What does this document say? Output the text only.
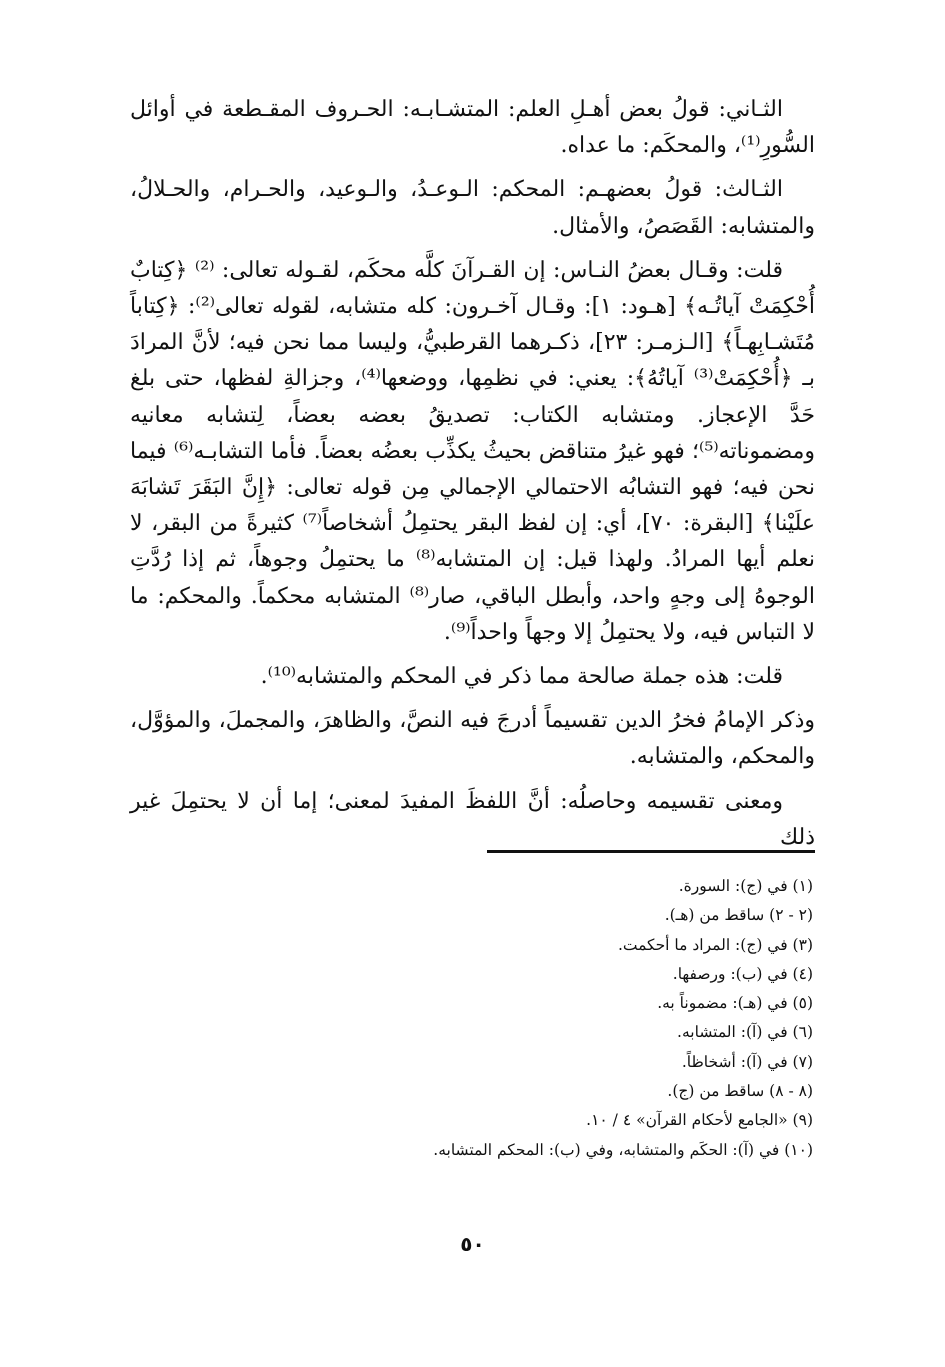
الثـاني: قولُ بعض أهـلِ العلم: المتشـابـه: الحـروف المقـطعة في أوائل السُّورِ⁽¹⁾، والمحكَم: ما عداه.

الثـالث: قولُ بعضهـم: المحكم: الـوعـدُ، والـوعيد، والحـرام، والحـلالُ، والمتشابه: القَصَصُ، والأمثال.

قلت: وقـال بعضُ النـاس: إن القـرآنَ كلَّه محكَم، لقـوله تعالى: ⁽²⁾ ﴿كِتابٌ أُحْكِمَتْ آياتُـه﴾ [هـود: ١]: وقـال آخـرون: كله متشابه، لقوله تعالى⁽²⁾: ﴿كِتاباً مُتَشـابِهـاً﴾ [الـزمـر: ٢٣]، ذكـرهما القرطبيُّ، وليسا مما نحن فيه؛ لأنَّ المرادَ بـ ﴿أُحْكِمَتْ⁽³⁾ آياتُهُ﴾: يعني: في نظمِها، ووضعها⁽⁴⁾، وجزالةِ لفظها، حتى بلغ حَدَّ الإعجاز. ومتشابه الكتاب: تصديقُ بعضه بعضاً، لِتشابه معانيه ومضموناته⁽⁵⁾؛ فهو غيرُ متناقض بحيثُ يكذِّب بعضُه بعضاً. فأما التشابـه⁽⁶⁾ فيما نحن فيه؛ فهو التشابُه الاحتمالي الإجمالي مِن قوله تعالى: ﴿إِنَّ البَقَرَ تَشابَهَ علَيْنا﴾ [البقرة: ٧٠]، أي: إن لفظ البقر يحتمِلُ أشخاصاً⁽⁷⁾ كثيرةً من البقر، لا نعلم أيها المرادُ. ولهذا قيل: إن المتشابه⁽⁸⁾ ما يحتمِلُ وجوهاً، ثم إذا رُدَّتِ الوجوهُ إلى وجهٍ واحد، وأبطل الباقي، صار⁽⁸⁾ المتشابه محكماً. والمحكم: ما لا التباس فيه، ولا يحتمِلُ إلا وجهاً واحداً⁽⁹⁾.

قلت: هذه جملة صالحة مما ذكر في المحكم والمتشابه⁽¹⁰⁾.

وذكر الإمامُ فخرُ الدين تقسيماً أدرجَ فيه النصَّ، والظاهرَ، والمجملَ، والمؤوَّل، والمحكم، والمتشابه.

ومعنى تقسيمه وحاصلُه: أنَّ اللفظَ المفيدَ لمعنى؛ إما أن لا يحتمِلَ غير ذلك

(١) في (ج): السورة.
(٢ - ٢) ساقط من (هـ).
(٣) في (ج): المراد ما أحكمت.
(٤) في (ب): ورصفها.
(٥) في (هـ): مضموناً به.
(٦) في (آ): المتشابه.
(٧) في (آ): أشخاظاً.
(٨ - ٨) ساقط من (ج).
(٩) «الجامع لأحكام القرآن» ٤ / ١٠.
(١٠) في (آ): الحكَم والمتشابه، وفي (ب): المحكم المتشابه.
٥٠
